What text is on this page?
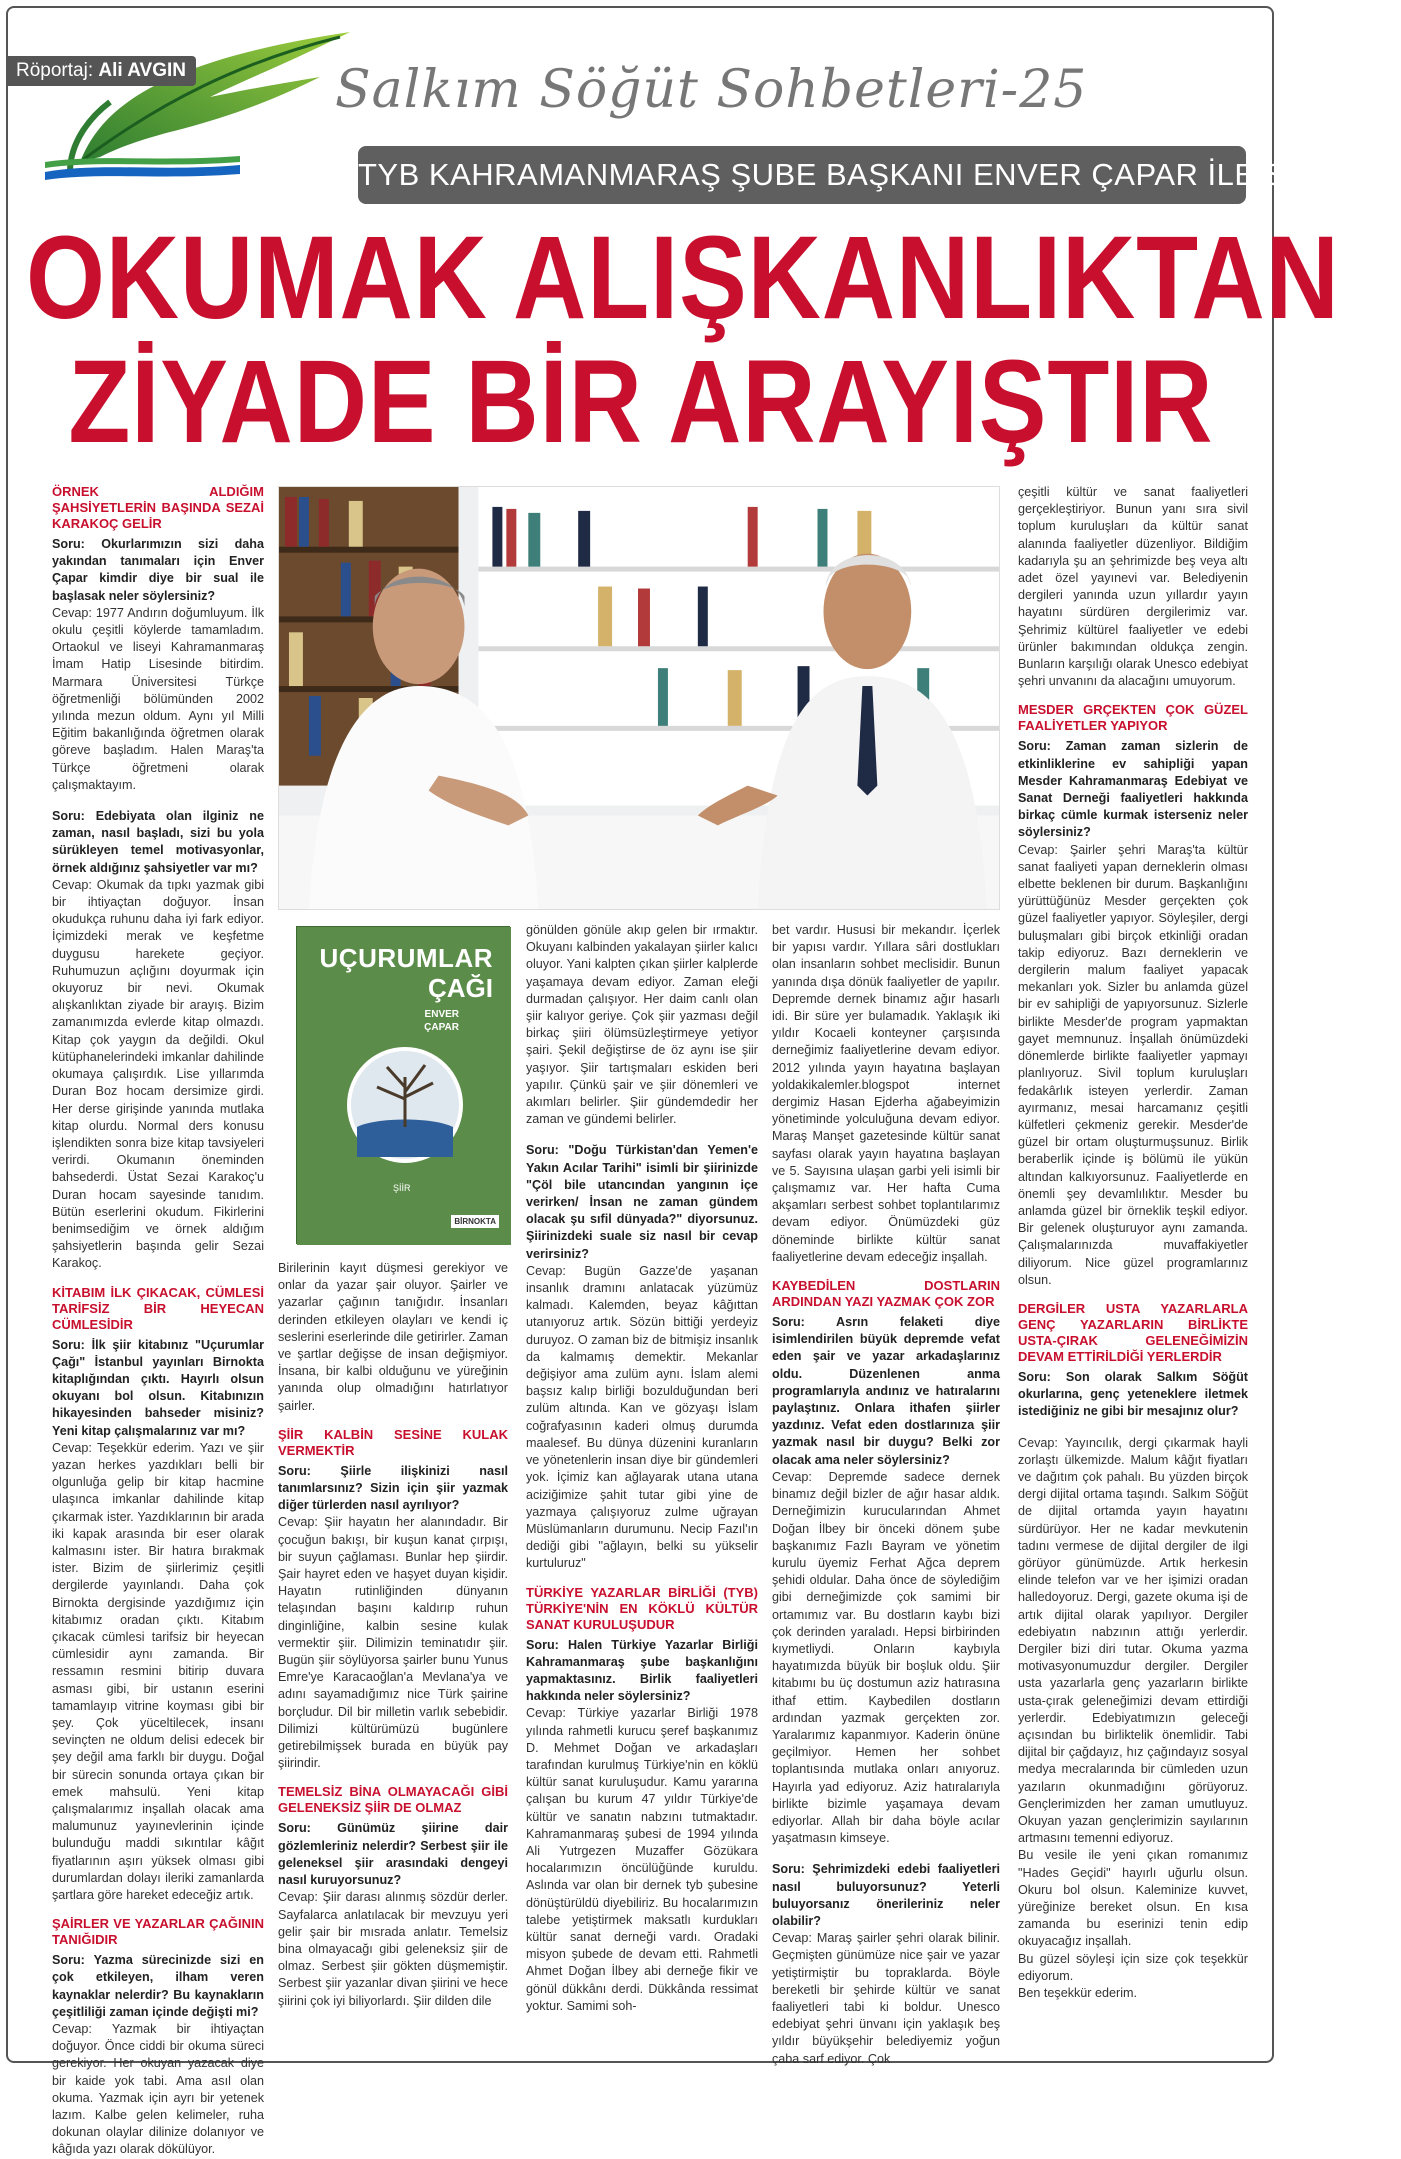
Röportaj: Ali AVGIN	Salkım Söğüt Sohbetleri-25
TYB KAHRAMANMARAŞ ŞUBE BAŞKANI ENVER ÇAPAR İLE SÖYLEŞİ
OKUMAK ALIŞKANLIKTAN
ZİYADE BİR ARAYIŞTIR
UÇURUMLAR
ÇAĞI
ENVER
ÇAPAR
ŞİİR
BİRNOKTA

ÖRNEK ALDIĞIM ŞAHSİYETLERİN BAŞINDA SEZAİ KARAKOÇ GELİR

Soru: Okurlarımızın sizi daha yakından tanımaları için Enver Çapar kimdir diye bir sual ile başlasak neler söylersiniz?

Cevap: 1977 Andırın doğumluyum. İlk okulu çeşitli köylerde tamamladım. Ortaokul ve liseyi Kahramanmaraş İmam Hatip Lisesinde bitirdim. Marmara Üniversitesi Türkçe öğretmenliği bölümünden 2002 yılında mezun oldum. Aynı yıl Milli Eğitim bakanlığında öğretmen olarak göreve başladım. Halen Maraş'ta Türkçe öğretmeni olarak çalışmaktayım.

Soru: Edebiyata olan ilginiz ne zaman, nasıl başladı, sizi bu yola sürükleyen temel motivasyonlar, örnek aldığınız şahsiyetler var mı?

Cevap: Okumak da tıpkı yazmak gibi bir ihtiyaçtan doğuyor. İnsan okudukça ruhunu daha iyi fark ediyor. İçimizdeki merak ve keşfetme duygusu harekete geçiyor. Ruhumuzun açlığını doyurmak için okuyoruz bir nevi. Okumak alışkanlıktan ziyade bir arayış. Bizim zamanımızda evlerde kitap olmazdı. Kitap çok yaygın da değildi. Okul kütüphanelerindeki imkanlar dahilinde okumaya çalışırdık. Lise yıllarımda Duran Boz hocam dersimize girdi. Her derse girişinde yanında mutlaka kitap olurdu. Normal ders konusu işlendikten sonra bize kitap tavsiyeleri verirdi. Okumanın öneminden bahsederdi. Üstat Sezai Karakoç'u Duran hocam sayesinde tanıdım. Bütün eserlerini okudum. Fikirlerini benimsediğim ve örnek aldığım şahsiyetlerin başında gelir Sezai Karakoç.

KİTABIM İLK ÇIKACAK, CÜMLESİ TARİFSİZ BİR HEYECAN CÜMLESİDİR

Soru: İlk şiir kitabınız "Uçurumlar Çağı" İstanbul yayınları Birnokta kitaplığından çıktı. Hayırlı olsun okuyanı bol olsun. Kitabınızın hikayesinden bahseder misiniz? Yeni kitap çalışmalarınız var mı?

Cevap: Teşekkür ederim. Yazı ve şiir yazan herkes yazdıkları belli bir olgunluğa gelip bir kitap hacmine ulaşınca imkanlar dahilinde kitap çıkarmak ister. Yazdıklarının bir arada iki kapak arasında bir eser olarak kalmasını ister. Bir hatıra bırakmak ister. Bizim de şiirlerimiz çeşitli dergilerde yayınlandı. Daha çok Birnokta dergisinde yazdığımız için kitabımız oradan çıktı. Kitabım çıkacak cümlesi tarifsiz bir heyecan cümlesidir aynı zamanda. Bir ressamın resmini bitirip duvara asması gibi, bir ustanın eserini tamamlayıp vitrine koyması gibi bir şey. Çok yüceltilecek, insanı sevinçten ne oldum delisi edecek bir şey değil ama farklı bir duygu. Doğal bir sürecin sonunda ortaya çıkan bir emek mahsulü. Yeni kitap çalışmalarımız inşallah olacak ama malumunuz yayınevlerinin içinde bulunduğu maddi sıkıntılar kâğıt fiyatlarının aşırı yüksek olması gibi durumlardan dolayı ileriki zamanlarda şartlara göre hareket edeceğiz artık.

ŞAİRLER VE YAZARLAR ÇAĞININ TANIĞIDIR

Soru: Yazma sürecinizde sizi en çok etkileyen, ilham veren kaynaklar nelerdir? Bu kaynakların çeşitliliği zaman içinde değişti mi?

Cevap: Yazmak bir ihtiyaçtan doğuyor. Önce ciddi bir okuma süreci gerekiyor. Her okuyan yazacak diye bir kaide yok tabi. Ama asıl olan okuma. Yazmak için ayrı bir yetenek lazım. Kalbe gelen kelimeler, ruha dokunan olaylar dilinize dolanıyor ve kâğıda yazı olarak dökülüyor.

Birilerinin kayıt düşmesi gerekiyor ve onlar da yazar şair oluyor. Şairler ve yazarlar çağının tanığıdır. İnsanları derinden etkileyen olayları ve kendi iç seslerini eserlerinde dile getirirler. Zaman ve şartlar değişse de insan değişmiyor. İnsana, bir kalbi olduğunu ve yüreğinin yanında olup olmadığını hatırlatıyor şairler.

ŞİİR KALBİN SESİNE KULAK VERMEKTİR

Soru: Şiirle ilişkinizi nasıl tanımlarsınız? Sizin için şiir yazmak diğer türlerden nasıl ayrılıyor?

Cevap: Şiir hayatın her alanındadır. Bir çocuğun bakışı, bir kuşun kanat çırpışı, bir suyun çağlaması. Bunlar hep şiirdir. Şair hayret eden ve haşyet duyan kişidir. Hayatın rutinliğinden dünyanın telaşından başını kaldırıp ruhun dinginliğine, kalbin sesine kulak vermektir şiir. Dilimizin teminatıdır şiir. Bugün şiir söylüyorsa şairler bunu Yunus Emre'ye Karacaoğlan'a Mevlana'ya ve adını sayamadığımız nice Türk şairine borçludur. Dil bir milletin varlık sebebidir. Dilimizi kültürümüzü bugünlere getirebilmişsek burada en büyük pay şiirindir.

TEMELSİZ BİNA OLMAYACAĞI GİBİ GELENEKSİZ ŞİİR DE OLMAZ

Soru: Günümüz şiirine dair gözlemleriniz nelerdir? Serbest şiir ile geleneksel şiir arasındaki dengeyi nasıl kuruyorsunuz?

Cevap: Şiir darası alınmış sözdür derler. Sayfalarca anlatılacak bir mevzuyu yeri gelir şair bir mısrada anlatır. Temelsiz bina olmayacağı gibi geleneksiz şiir de olmaz. Serbest şiir gökten düşmemiştir. Serbest şiir yazanlar divan şiirini ve hece şiirini çok iyi biliyorlardı. Şiir dilden dile

gönülden gönüle akıp gelen bir ırmaktır. Okuyanı kalbinden yakalayan şiirler kalıcı oluyor. Yani kalpten çıkan şiirler kalplerde yaşamaya devam ediyor. Zaman eleği durmadan çalışıyor. Her daim canlı olan şiir kalıyor geriye. Çok şiir yazması değil birkaç şiiri ölümsüzleştirmeye yetiyor şairi. Şekil değiştirse de öz aynı ise şiir yaşıyor. Şiir tartışmaları eskiden beri yapılır. Çünkü şair ve şiir dönemleri ve akımları belirler. Şiir gündemdedir her zaman ve gündemi belirler.

Soru: "Doğu Türkistan'dan Yemen'e Yakın Acılar Tarihi" isimli bir şiirinizde "Çöl bile utancından yangının içe verirken/ İnsan ne zaman gündem olacak şu sıfil dünyada?" diyorsunuz. Şiirinizdeki suale siz nasıl bir cevap verirsiniz?

Cevap: Bugün Gazze'de yaşanan insanlık dramını anlatacak yüzümüz kalmadı. Kalemden, beyaz kâğıttan utanıyoruz artık. Sözün bittiği yerdeyiz duruyoz. O zaman biz de bitmişiz insanlık da kalmamış demektir. Mekanlar değişiyor ama zulüm aynı. İslam alemi başsız kalıp birliği bozulduğundan beri zulüm altında. Kan ve gözyaşı İslam coğrafyasının kaderi olmuş durumda maalesef. Bu dünya düzenini kuranların ve yönetenlerin insan diye bir gündemleri yok. İçimiz kan ağlayarak utana utana aciziğimize şahit tutar gibi yine de yazmaya çalışıyoruz zulme uğrayan Müslümanların durumunu. Necip Fazıl'ın dediği gibi "ağlayın, belki su yükselir kurtuluruz"

TÜRKİYE YAZARLAR BİRLİĞİ (TYB) TÜRKİYE'NİN EN KÖKLÜ KÜLTÜR SANAT KURULUŞUDUR

Soru: Halen Türkiye Yazarlar Birliği Kahramanmaraş şube başkanlığını yapmaktasınız. Birlik faaliyetleri hakkında neler söylersiniz?

Cevap: Türkiye yazarlar Birliği 1978 yılında rahmetli kurucu şeref başkanımız D. Mehmet Doğan ve arkadaşları tarafından kurulmuş Türkiye'nin en köklü kültür sanat kuruluşudur. Kamu yararına çalışan bu kurum 47 yıldır Türkiye'de kültür ve sanatın nabzını tutmaktadır. Kahramanmaraş şubesi de 1994 yılında Ali Yutrgezen Muzaffer Gözükara hocalarımızın öncülüğünde kuruldu. Aslında var olan bir dernek tyb şubesine dönüştürüldü diyebiliriz. Bu hocalarımızın talebe yetiştirmek maksatlı kurdukları kültür sanat derneği vardı. Oradaki misyon şubede de devam etti. Rahmetli Ahmet Doğan İlbey abi derneğe fikir ve gönül dükkânı derdi. Dükkânda ressimat yoktur. Samimi soh-

bet vardır. Hususi bir mekandır. İçerlek bir yapısı vardır. Yıllara sâri dostlukları olan insanların sohbet meclisidir. Bunun yanında dışa dönük faaliyetler de yapılır. Depremde dernek binamız ağır hasarlı idi. Bir süre yer bulamadık. Yaklaşık iki yıldır Kocaeli konteyner çarşısında derneğimiz faaliyetlerine devam ediyor. 2012 yılında yayın hayatına başlayan yoldakikalemler.blogspot internet dergimiz Hasan Ejderha ağabeyimizin yönetiminde yolculuğuna devam ediyor. Maraş Manşet gazetesinde kültür sanat sayfası olarak yayın hayatına başlayan ve 5. Sayısına ulaşan garbi yeli isimli bir çalışmamız var. Her hafta Cuma akşamları serbest sohbet toplantılarımız devam ediyor. Önümüzdeki güz döneminde birlikte kültür sanat faaliyetlerine devam edeceğiz inşallah.

KAYBEDİLEN DOSTLARIN ARDINDAN YAZI YAZMAK ÇOK ZOR

Soru: Asrın felaketi diye isimlendirilen büyük depremde vefat eden şair ve yazar arkadaşlarınız oldu. Düzenlenen anma programlarıyla andınız ve hatıralarını paylaştınız. Onlara ithafen şiirler yazdınız. Vefat eden dostlarınıza şiir yazmak nasıl bir duygu? Belki zor olacak ama neler söylersiniz?

Cevap: Depremde sadece dernek binamız değil bizler de ağır hasar aldık. Derneğimizin kurucularından Ahmet Doğan İlbey bir önceki dönem şube başkanımız Fazlı Bayram ve yönetim kurulu üyemiz Ferhat Ağca deprem şehidi oldular. Daha önce de söylediğim gibi derneğimizde çok samimi bir ortamımız var. Bu dostların kaybı bizi çok derinden yaraladı. Hepsi birbirinden kıymetliydi. Onların kaybıyla hayatımızda büyük bir boşluk oldu. Şiir kitabımı bu üç dostumun aziz hatırasına ithaf ettim. Kaybedilen dostların ardından yazmak gerçekten zor. Yaralarımız kapanmıyor. Kaderin önüne geçilmiyor. Hemen her sohbet toplantısında mutlaka onları anıyoruz. Hayırla yad ediyoruz. Aziz hatıralarıyla birlikte bizimle yaşamaya devam ediyorlar. Allah bir daha böyle acılar yaşatmasın kimseye.

Soru: Şehrimizdeki edebi faaliyetleri nasıl buluyorsunuz? Yeterli buluyorsanız önerileriniz neler olabilir?

Cevap: Maraş şairler şehri olarak bilinir. Geçmişten günümüze nice şair ve yazar yetiştirmiştir bu topraklarda. Böyle bereketli bir şehirde kültür ve sanat faaliyetleri tabi ki boldur. Unesco edebiyat şehri ünvanı için yaklaşık beş yıldır büyükşehir belediyemiz yoğun çaba sarf ediyor. Çok

çeşitli kültür ve sanat faaliyetleri gerçekleştiriyor. Bunun yanı sıra sivil toplum kuruluşları da kültür sanat alanında faaliyetler düzenliyor. Bildiğim kadarıyla şu an şehrimizde beş veya altı adet özel yayınevi var. Belediyenin dergileri yanında uzun yıllardır yayın hayatını sürdüren dergilerimiz var. Şehrimiz kültürel faaliyetler ve edebi ürünler bakımından oldukça zengin. Bunların karşılığı olarak Unesco edebiyat şehri unvanını da alacağını umuyorum.

MESDER GRÇEKTEN ÇOK GÜZEL FAALİYETLER YAPIYOR

Soru: Zaman zaman sizlerin de etkinliklerine ev sahipliği yapan Mesder Kahramanmaraş Edebiyat ve Sanat Derneği faaliyetleri hakkında birkaç cümle kurmak isterseniz neler söylersiniz?

Cevap: Şairler şehri Maraş'ta kültür sanat faaliyeti yapan derneklerin olması elbette beklenen bir durum. Başkanlığını yürüttüğünüz Mesder gerçekten çok güzel faaliyetler yapıyor. Söyleşiler, dergi buluşmaları gibi birçok etkinliği oradan takip ediyoruz. Bazı derneklerin ve dergilerin malum faaliyet yapacak mekanları yok. Sizler bu anlamda güzel bir ev sahipliği de yapıyorsunuz. Sizlerle birlikte Mesder'de program yapmaktan gayet memnunuz. İnşallah önümüzdeki dönemlerde birlikte faaliyetler yapmayı planlıyoruz. Sivil toplum kuruluşları fedakârlık isteyen yerlerdir. Zaman ayırmanız, mesai harcamanız çeşitli külfetleri çekmeniz gerekir. Mesder'de güzel bir ortam oluşturmuşsunuz. Birlik beraberlik içinde iş bölümü ile yükün altından kalkıyorsunuz. Faaliyetlerde en önemli şey devamlılıktır. Mesder bu anlamda güzel bir örneklik teşkil ediyor. Bir gelenek oluşturuyor aynı zamanda. Çalışmalarınızda muvaffakiyetler diliyorum. Nice güzel programlarınız olsun.

DERGİLER USTA YAZARLARLA GENÇ YAZARLARIN BİRLİKTE USTA-ÇIRAK GELENEĞİMİZİN DEVAM ETTİRİLDİĞİ YERLERDİR

Soru: Son olarak Salkım Söğüt okurlarına, genç yeteneklere iletmek istediğiniz ne gibi bir mesajınız olur?

Cevap: Yayıncılık, dergi çıkarmak hayli zorlaştı ülkemizde. Malum kâğıt fiyatları ve dağıtım çok pahalı. Bu yüzden birçok dergi dijital ortama taşındı. Salkım Söğüt de dijital ortamda yayın hayatını sürdürüyor. Her ne kadar mevkutenin tadını vermese de dijital dergiler de ilgi görüyor günümüzde. Artık herkesin elinde telefon var ve her işimizi oradan halledoyoruz. Dergi, gazete okuma işi de artık dijital olarak yapılıyor. Dergiler edebiyatın nabzının attığı yerlerdir. Dergiler bizi diri tutar. Okuma yazma motivasyonumuzdur dergiler. Dergiler usta yazarlarla genç yazarların birlikte usta-çırak geleneğimizi devam ettirdiği yerlerdir. Edebiyatımızın geleceği açısından bu birliktelik önemlidir. Tabi dijital bir çağdayız, hız çağındayız sosyal medya mecralarında bir cümleden uzun yazıların okunmadığını görüyoruz. Gençlerimizden her zaman umutluyuz. Okuyan yazan gençlerimizin sayılarının artmasını temenni ediyoruz.

Bu vesile ile yeni çıkan romanımız "Hades Geçidi" hayırlı uğurlu olsun. Okuru bol olsun. Kaleminize kuvvet, yüreğinize bereket olsun. En kısa zamanda bu eserinizi tenin edip okuyacağız inşallah.

Bu güzel söyleşi için size çok teşekkür ediyorum.

Ben teşekkür ederim.
